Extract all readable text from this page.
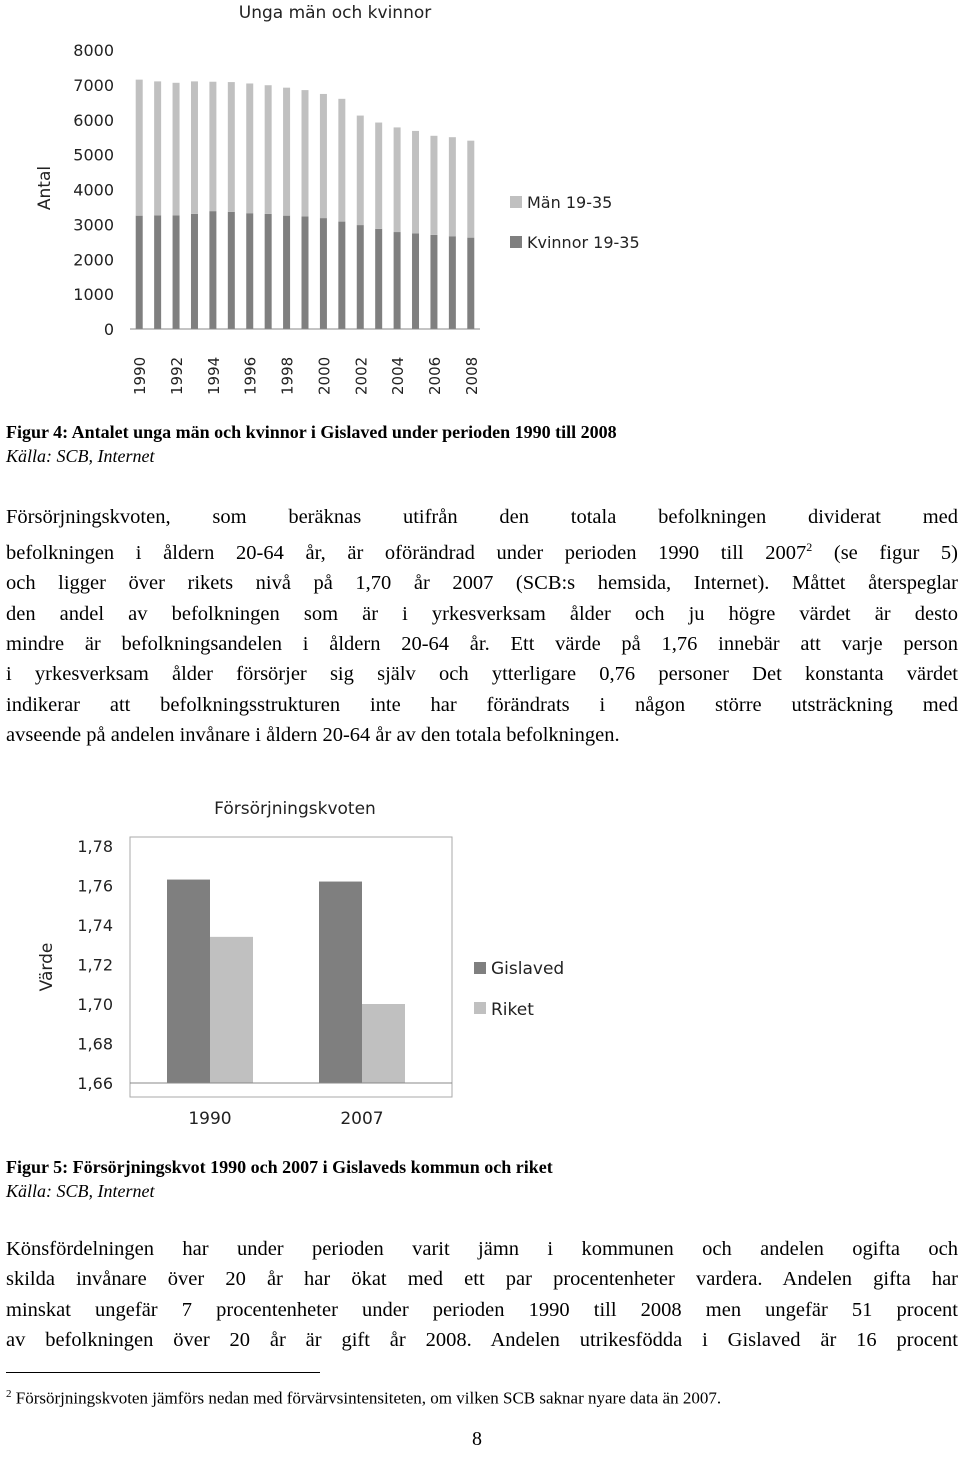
Unga män och kvinnor
Antal
0
1000
2000
3000
4000
5000
6000
7000
8000
1990 1992 1994 1996 1998 2000 2002 2004 2006 2008
Män 19-35
Kvinnor 19-35
Figur 4: Antalet unga män och kvinnor i Gislaved under perioden 1990 till 2008
Källa: SCB, Internet
Försörjningskvoten, som beräknas utifrån den totala befolkningen dividerat med
befolkningen i åldern 20-64 år, är oförändrad under perioden 1990 till 2007$^2$ (se figur 5)
och ligger över rikets nivå på 1,70 år 2007 (SCB:s hemsida, Internet). Måttet återspeglar
den andel av befolkningen som är i yrkesverksam ålder och ju högre värdet är desto
mindre är befolkningsandelen i åldern 20-64 år. Ett värde på 1,76 innebär att varje person
i yrkesverksam ålder försörjer sig själv och ytterligare 0,76 personer Det konstanta värdet
indikerar att befolkningsstrukturen inte har förändrats i någon större utsträckning med
avseende på andelen invånare i åldern 20-64 år av den totala befolkningen.
Försörjningskvoten
Värde
1,66
1,68
1,70
1,72
1,74
1,76
1,78
1990	2007
Gislaved
Riket
Figur 5: Försörjningskvot 1990 och 2007 i Gislaveds kommun och riket
Källa: SCB, Internet
Könsfördelningen har under perioden varit jämn i kommunen och andelen ogifta och
skilda invånare över 20 år har ökat med ett par procentenheter vardera. Andelen gifta har
minskat ungefär 7 procentenheter under perioden 1990 till 2008 men ungefär 51 procent
av befolkningen över 20 år är gift år 2008. Andelen utrikesfödda i Gislaved är 16 procent
$^2$ Försörjningskvoten jämförs nedan med förvärvsintensiteten, om vilken SCB saknar nyare data än 2007.
8
